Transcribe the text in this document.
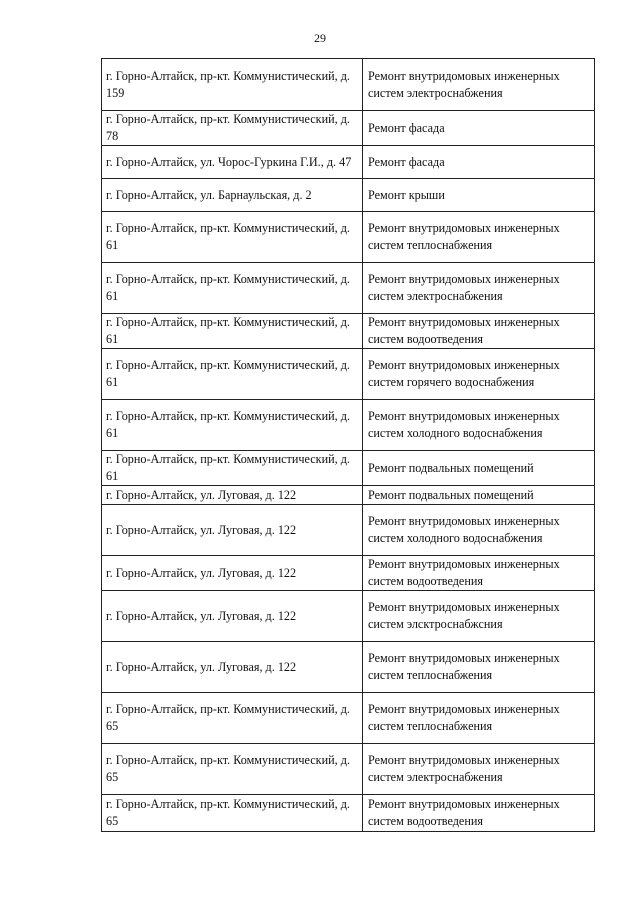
29
г. Горно-Алтайск, пр-кт. Коммунистический, д. 159	Ремонт внутридомовых инженерных систем электроснабжения
г. Горно-Алтайск, пр-кт. Коммунистический, д. 78	Ремонт фасада
г. Горно-Алтайск, ул. Чорос-Гуркина Г.И., д. 47	Ремонт фасада
г. Горно-Алтайск, ул. Барнаульская, д. 2	Ремонт крыши
г. Горно-Алтайск, пр-кт. Коммунистический, д. 61	Ремонт внутридомовых инженерных систем теплоснабжения
г. Горно-Алтайск, пр-кт. Коммунистический, д. 61	Ремонт внутридомовых инженерных систем электроснабжения
г. Горно-Алтайск, пр-кт. Коммунистический, д. 61	Ремонт внутридомовых инженерных систем водоотведения
г. Горно-Алтайск, пр-кт. Коммунистический, д. 61	Ремонт внутридомовых инженерных систем горячего водоснабжения
г. Горно-Алтайск, пр-кт. Коммунистический, д. 61	Ремонт внутридомовых инженерных систем холодного водоснабжения
г. Горно-Алтайск, пр-кт. Коммунистический, д. 61	Ремонт подвальных помещений
г. Горно-Алтайск, ул. Луговая, д. 122	Ремонт подвальных помещений
г. Горно-Алтайск, ул. Луговая, д. 122	Ремонт внутридомовых инженерных систем холодного водоснабжения
г. Горно-Алтайск, ул. Луговая, д. 122	Ремонт внутридомовых инженерных систем водоотведения
г. Горно-Алтайск, ул. Луговая, д. 122	Ремонт внутридомовых инженерных систем элсктроснабжсния
г. Горно-Алтайск, ул. Луговая, д. 122	Ремонт внутридомовых инженерных систем теплоснабжения
г. Горно-Алтайск, пр-кт. Коммунистический, д. 65	Ремонт внутридомовых инженерных систем теплоснабжения
г. Горно-Алтайск, пр-кт. Коммунистический, д. 65	Ремонт внутридомовых инженерных систем электроснабжения
г. Горно-Алтайск, пр-кт. Коммунистический, д. 65	Ремонт внутридомовых инженерных систем водоотведения
